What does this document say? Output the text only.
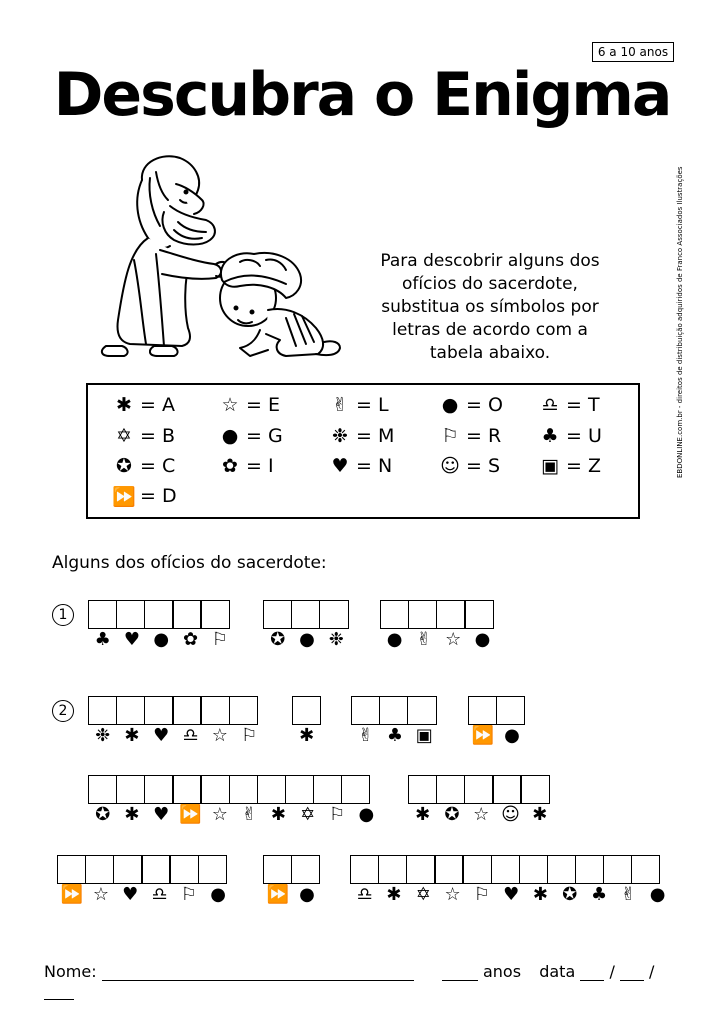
6 a 10 anos
Descubra o Enigma
EBDONLINE.com.br - direitos de distribuição adquiridos de Franco Associados Ilustrações
Para descobrir alguns dos
ofícios do sacerdote,
substitua os símbolos por
letras de acordo com a
tabela abaixo.
✱ = A ☆ = E	✌ = L	● = O ♎ = T
✡ = B ● = G	❉ = M ⚐ = R ♣ = U
✪ = C ✿ = I	♥ = N	☺ = S ▣ = Z
⏩ = D
Alguns dos ofícios do sacerdote:
1
2
♣ ♥ ● ✿ ⚐	✪ ● ❉	● ✌ ☆ ●
❉ ✱ ♥ ♎ ☆ ⚐	✱	✌ ♣ ▣	⏩ ●
✪ ✱ ♥ ⏩ ☆ ✌ ✱ ✡ ⚐ ●	✱ ✪ ☆ ☺ ✱
⏩ ☆ ♥ ♎ ⚐ ●	⏩ ●	♎ ✱ ✡ ☆ ⚐ ♥ ✱ ✪ ♣ ✌ ●
Nome:	anos data / /
